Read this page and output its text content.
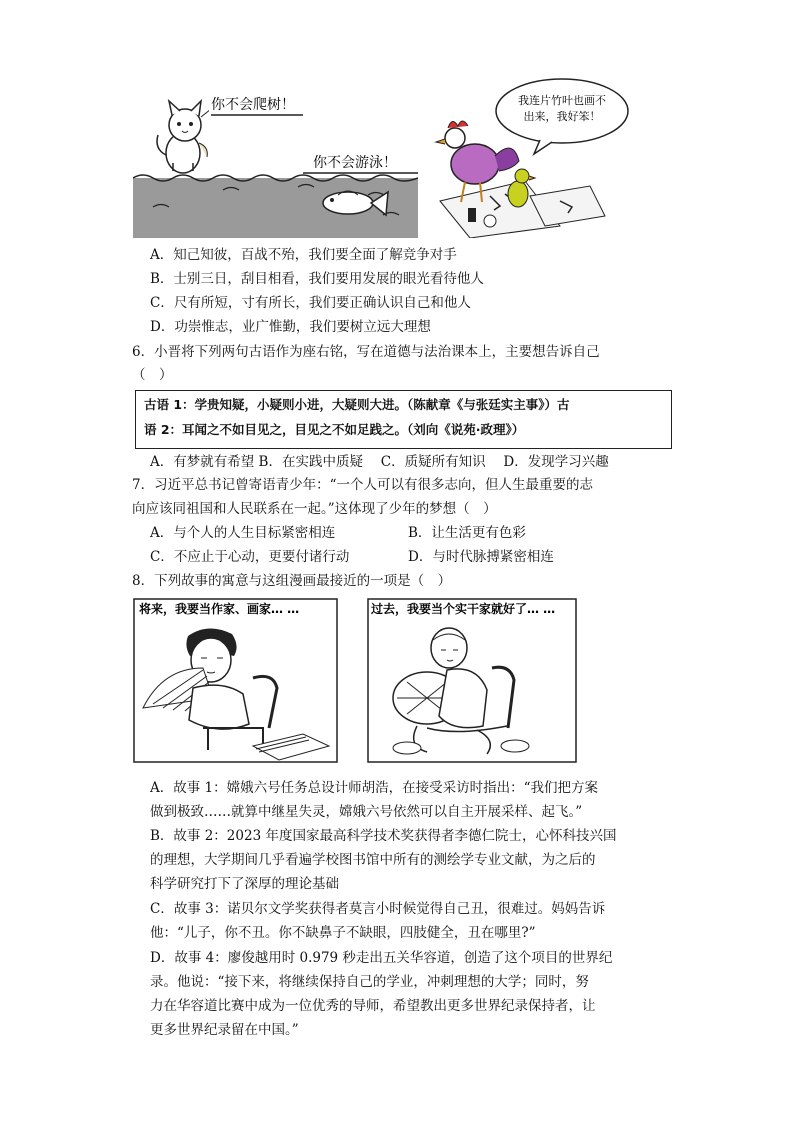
你不会爬树！
你不会游泳！
我连片竹叶也画不
出来，我好笨！
A．知己知彼，百战不殆，我们要全面了解竞争对手
B．士别三日，刮目相看，我们要用发展的眼光看待他人
C．尺有所短，寸有所长，我们要正确认识自己和他人
D．功崇惟志，业广惟勤，我们要树立远大理想
6．小晋将下列两句古语作为座右铭，写在道德与法治课本上，主要想告诉自己
（　）
古语 1：学贵知疑，小疑则小进，大疑则大进。（陈献章《与张廷实主事》）古
语 2：耳闻之不如目见之，目见之不如足践之。（刘向《说苑·政理》）
A．有梦就有希望 B．在实践中质疑　 C．质疑所有知识　 D．发现学习兴趣
7．习近平总书记曾寄语青少年：“一个人可以有很多志向，但人生最重要的志
向应该同祖国和人民联系在一起。”这体现了少年的梦想（　）
A．与个人的人生目标紧密相连	B．让生活更有色彩
C．不应止于心动，更要付诸行动	D．与时代脉搏紧密相连
8．下列故事的寓意与这组漫画最接近的一项是（　）
将来，我要当作家、画家… …	过去，我要当个实干家就好了… …
A．故事 1：嫦娥六号任务总设计师胡浩，在接受采访时指出：“我们把方案
做到极致……就算中继星失灵，嫦娥六号依然可以自主开展采样、起飞。”
B．故事 2：2023 年度国家最高科学技术奖获得者李德仁院士，心怀科技兴国
的理想，大学期间几乎看遍学校图书馆中所有的测绘学专业文献，为之后的
科学研究打下了深厚的理论基础
C．故事 3：诺贝尔文学奖获得者莫言小时候觉得自己丑，很难过。妈妈告诉
他：“儿子，你不丑。你不缺鼻子不缺眼，四肢健全，丑在哪里?”
D．故事 4：廖俊越用时 0.979 秒走出五关华容道，创造了这个项目的世界纪
录。他说：“接下来，将继续保持自己的学业，冲刺理想的大学；同时，努
力在华容道比赛中成为一位优秀的导师，希望教出更多世界纪录保持者，让
更多世界纪录留在中国。”
